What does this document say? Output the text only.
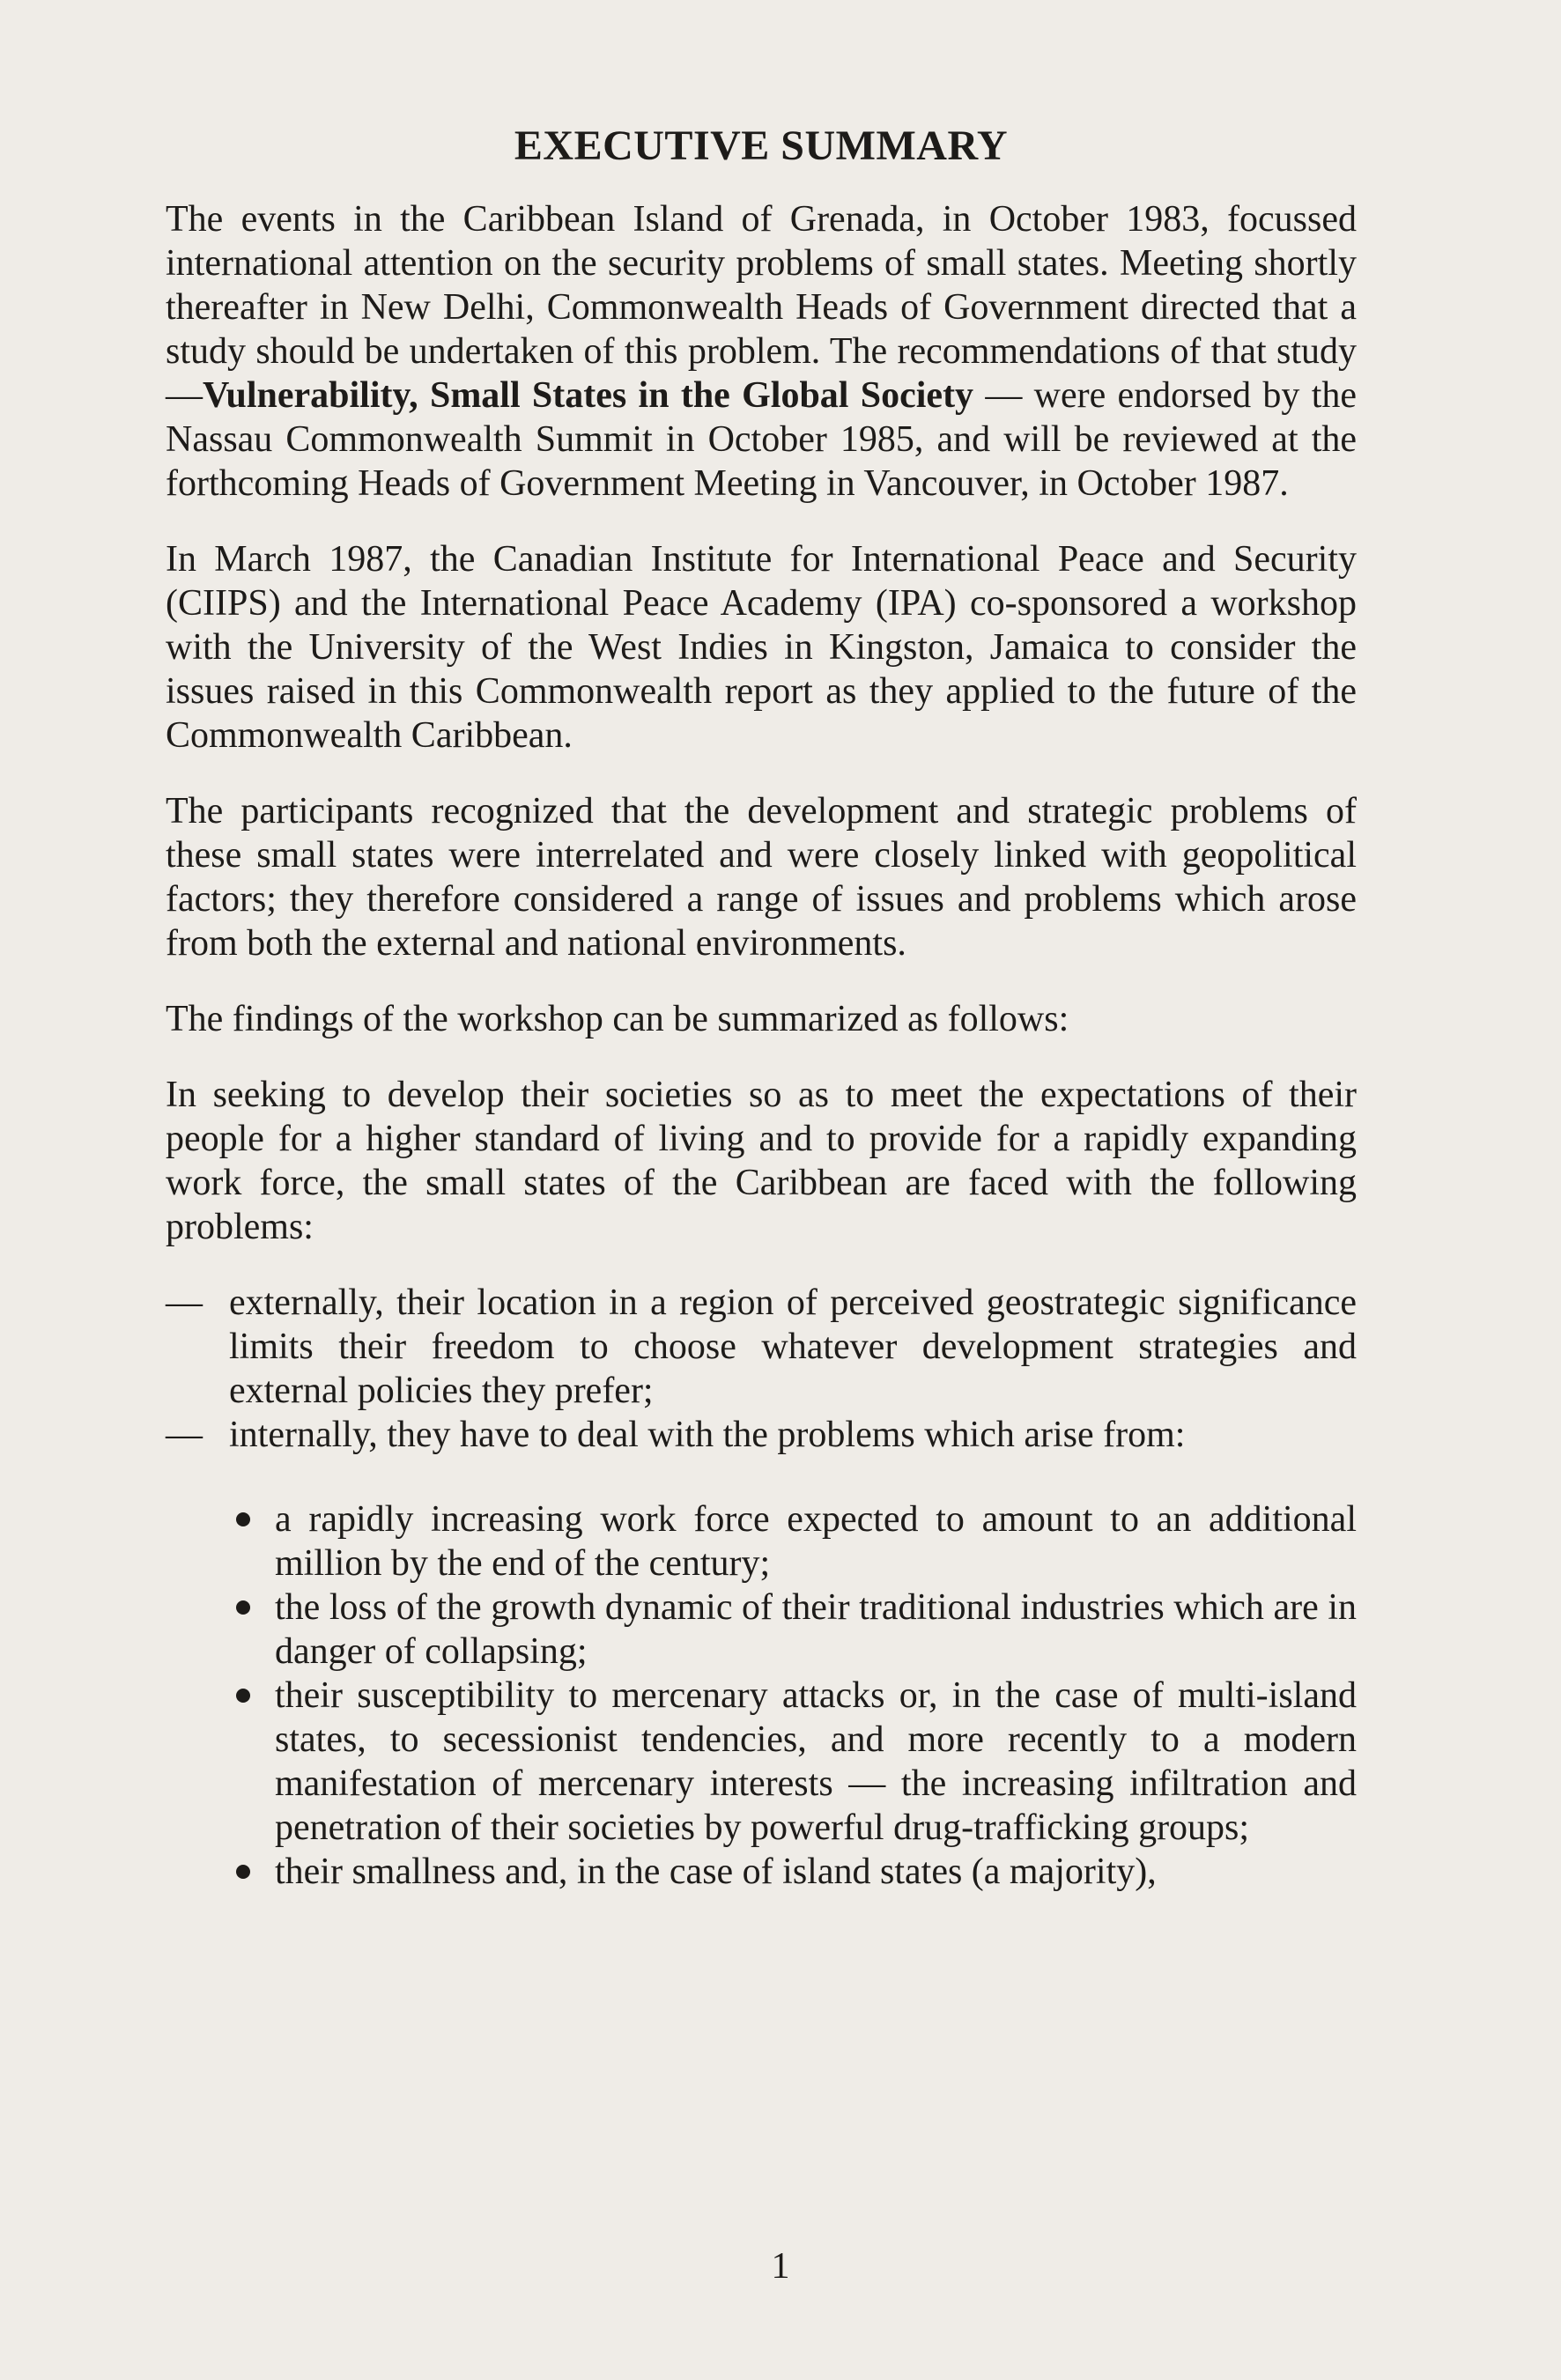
EXECUTIVE SUMMARY

The events in the Caribbean Island of Grenada, in October 1983, focussed international attention on the security problems of small states. Meeting shortly thereafter in New Delhi, Commonwealth Heads of Government directed that a study should be undertaken of this problem. The recommendations of that study —Vulnerability, Small States in the Global Society — were endorsed by the Nassau Commonwealth Summit in October 1985, and will be reviewed at the forthcoming Heads of Government Meeting in Vancouver, in October 1987.

In March 1987, the Canadian Institute for International Peace and Security (CIIPS) and the International Peace Academy (IPA) co-sponsored a workshop with the University of the West Indies in Kingston, Jamaica to consider the issues raised in this Commonwealth report as they applied to the future of the Commonwealth Caribbean.

The participants recognized that the development and strategic problems of these small states were interrelated and were closely linked with geopolitical factors; they therefore considered a range of issues and problems which arose from both the external and national environments.

The findings of the workshop can be summarized as follows:

In seeking to develop their societies so as to meet the expectations of their people for a higher standard of living and to provide for a rapidly expanding work force, the small states of the Caribbean are faced with the following problems:

— externally, their location in a region of perceived geostrategic significance limits their freedom to choose whatever development strategies and external policies they prefer;
— internally, they have to deal with the problems which arise from:
a rapidly increasing work force expected to amount to an additional million by the end of the century;
the loss of the growth dynamic of their traditional industries which are in danger of collapsing;
their susceptibility to mercenary attacks or, in the case of multi-island states, to secessionist tendencies, and more recently to a modern manifestation of mercenary interests — the increasing infiltration and penetration of their societies by powerful drug-trafficking groups;
their smallness and, in the case of island states (a majority),
1
